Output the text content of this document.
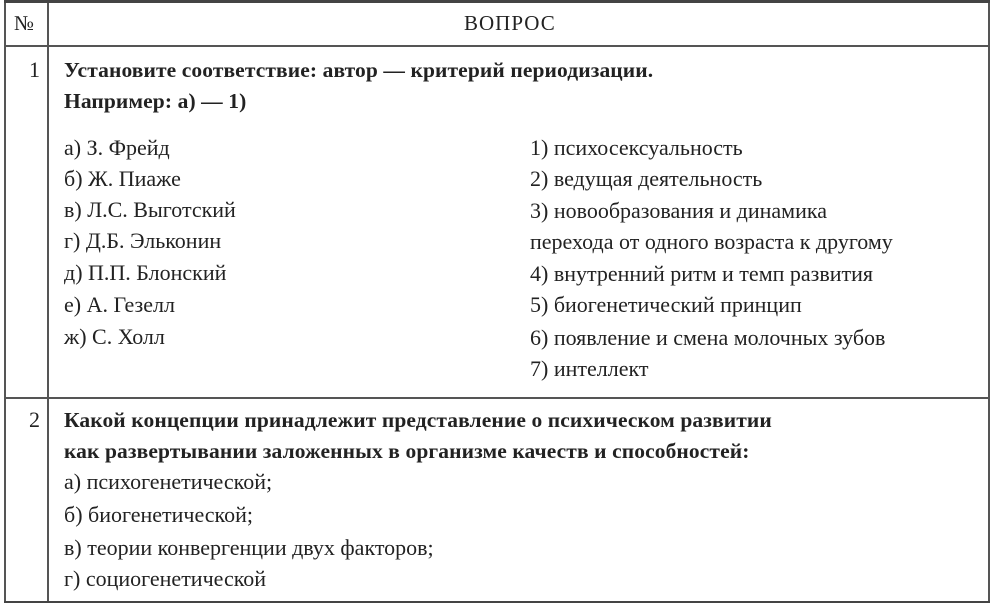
№	ВОПРОС
1 Установите соответствие: автор — критерий периодизации.
Например: а) — 1)
а) З. Фрейд
б) Ж. Пиаже
в) Л.С. Выготский
г) Д.Б. Эльконин
д) П.П. Блонский
е) А. Гезелл
ж) С. Холл
1) психосексуальность
2) ведущая деятельность
3) новообразования и динамика
перехода от одного возраста к другому
4) внутренний ритм и темп развития
5) биогенетический принцип
6) появление и смена молочных зубов
7) интеллект
2 Какой концепции принадлежит представление о психическом развитии
как развертывании заложенных в организме качеств и способностей:
а) психогенетической;
б) биогенетической;
в) теории конвергенции двух факторов;
г) социогенетической
